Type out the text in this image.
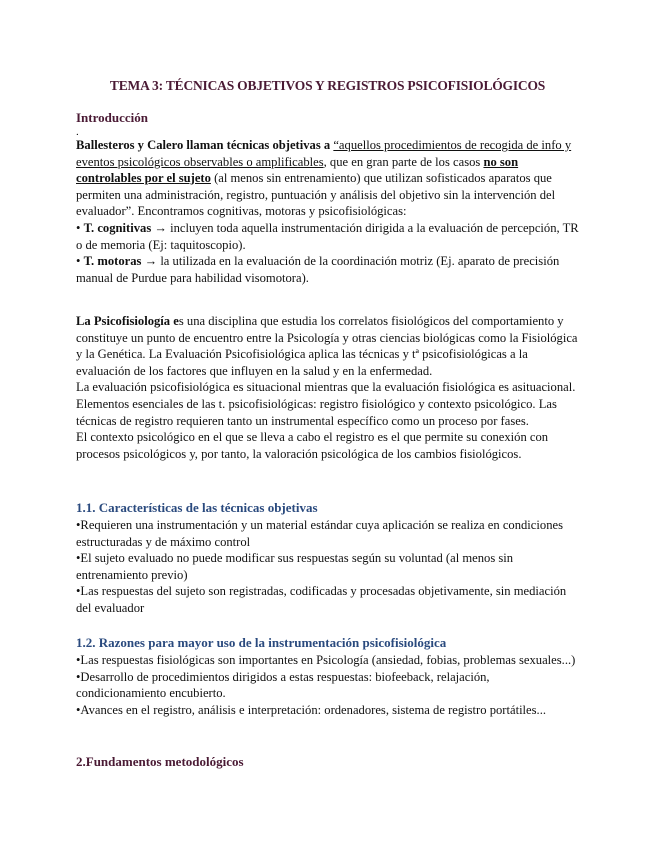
TEMA 3: TÉCNICAS OBJETIVOS Y REGISTROS PSICOFISIOLÓGICOS
Introducción
.

Ballesteros y Calero llaman técnicas objetivas a “aquellos procedimientos de recogida de info y eventos psicológicos observables o amplificables, que en gran parte de los casos no son controlables por el sujeto (al menos sin entrenamiento) que utilizan sofisticados aparatos que permiten una administración, registro, puntuación y análisis del objetivo sin la intervención del evaluador”. Encontramos cognitivas, motoras y psicofisiológicas:

• T. cognitivas → incluyen toda aquella instrumentación dirigida a la evaluación de percepción, TR o de memoria (Ej: taquitoscopio).

• T. motoras → la utilizada en la evaluación de la coordinación motriz (Ej. aparato de precisión manual de Purdue para habilidad visomotora).

La Psicofisiología es una disciplina que estudia los correlatos fisiológicos del comportamiento y constituye un punto de encuentro entre la Psicología y otras ciencias biológicas como la Fisiológica y la Genética. La Evaluación Psicofisiológica aplica las técnicas y tª psicofisiológicas a la evaluación de los factores que influyen en la salud y en la enfermedad.

La evaluación psicofisiológica es situacional mientras que la evaluación fisiológica es asituacional.

Elementos esenciales de las t. psicofisiológicas: registro fisiológico y contexto psicológico. Las técnicas de registro requieren tanto un instrumental específico como un proceso por fases.

El contexto psicológico en el que se lleva a cabo el registro es el que permite su conexión con procesos psicológicos y, por tanto, la valoración psicológica de los cambios fisiológicos.

1.1. Características de las técnicas objetivas

•Requieren una instrumentación y un material estándar cuya aplicación se realiza en condiciones estructuradas y de máximo control

•El sujeto evaluado no puede modificar sus respuestas según su voluntad (al menos sin entrenamiento previo)

•Las respuestas del sujeto son registradas, codificadas y procesadas objetivamente, sin mediación del evaluador

1.2. Razones para mayor uso de la instrumentación psicofisiológica

•Las respuestas fisiológicas son importantes en Psicología (ansiedad, fobias, problemas sexuales...)

•Desarrollo de procedimientos dirigidos a estas respuestas: biofeeback, relajación, condicionamiento encubierto.

•Avances en el registro, análisis e interpretación: ordenadores, sistema de registro portátiles...

2.Fundamentos metodológicos
